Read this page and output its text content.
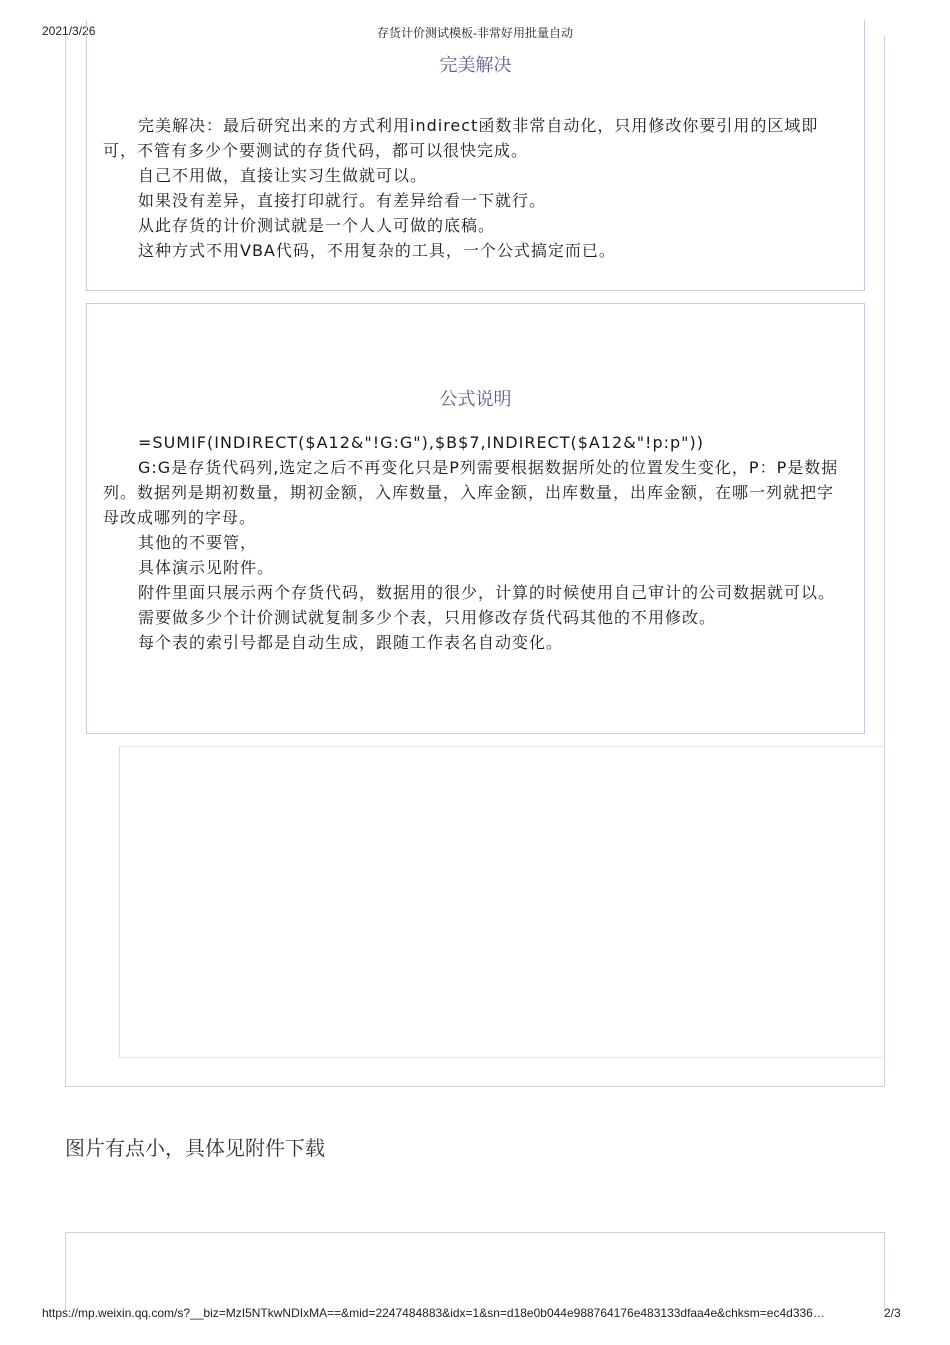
2021/3/26	存货计价测试模板-非常好用批量自动
完美解决

完美解决：最后研究出来的方式利用indirect函数非常自动化，只用修改你要引用的区域即可，不管有多少个要测试的存货代码，都可以很快完成。

自己不用做，直接让实习生做就可以。

如果没有差异，直接打印就行。有差异给看一下就行。

从此存货的计价测试就是一个人人可做的底稿。

这种方式不用VBA代码，不用复杂的工具，一个公式搞定而已。

公式说明

=SUMIF(INDIRECT($A12&"!G:G"),$B$7,INDIRECT($A12&"!p:p"))

G:G是存货代码列,选定之后不再变化只是P列需要根据数据所处的位置发生变化，P：P是数据列。数据列是期初数量，期初金额，入库数量，入库金额，出库数量，出库金额，在哪一列就把字母改成哪列的字母。

其他的不要管，

具体演示见附件。

附件里面只展示两个存货代码，数据用的很少，计算的时候使用自己审计的公司数据就可以。

需要做多少个计价测试就复制多少个表，只用修改存货代码其他的不用修改。

每个表的索引号都是自动生成，跟随工作表名自动变化。

图片有点小，具体见附件下载
https://mp.weixin.qq.com/s?__biz=MzI5NTkwNDIxMA==&mid=2247484883&idx=1&sn=d18e0b044e988764176e483133dfaa4e&chksm=ec4d336…	2/3
